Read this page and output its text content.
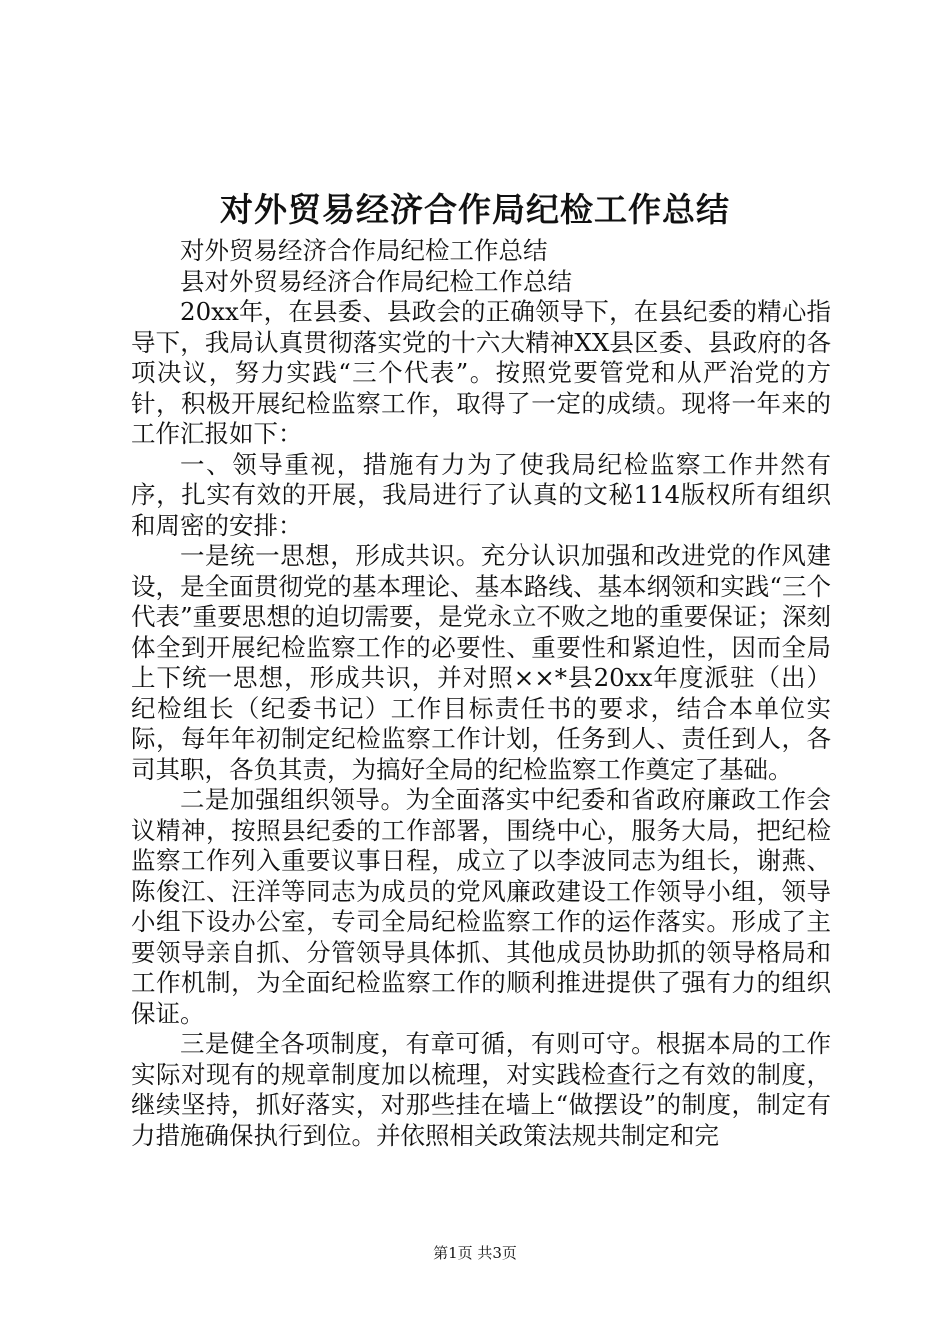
对外贸易经济合作局纪检工作总结

对外贸易经济合作局纪检工作总结

县对外贸易经济合作局纪检工作总结

20xx年，在县委、县政会的正确领导下，在县纪委的精心指导下，我局认真贯彻落实党的十六大精神XX县区委、县政府的各项决议，努力实践“三个代表”。按照党要管党和从严治党的方针，积极开展纪检监察工作，取得了一定的成绩。现将一年来的工作汇报如下：

一、领导重视，措施有力为了使我局纪检监察工作井然有序，扎实有效的开展，我局进行了认真的文秘114版权所有组织和周密的安排：

一是统一思想，形成共识。充分认识加强和改进党的作风建设，是全面贯彻党的基本理论、基本路线、基本纲领和实践“三个代表”重要思想的迫切需要，是党永立不败之地的重要保证；深刻体全到开展纪检监察工作的必要性、重要性和紧迫性，因而全局上下统一思想，形成共识，并对照××*县20xx年度派驻（出）纪检组长（纪委书记）工作目标责任书的要求，结合本单位实际，每年年初制定纪检监察工作计划，任务到人、责任到人，各司其职，各负其责，为搞好全局的纪检监察工作奠定了基础。

二是加强组织领导。为全面落实中纪委和省政府廉政工作会议精神，按照县纪委的工作部署，围绕中心，服务大局，把纪检监察工作列入重要议事日程，成立了以李波同志为组长，谢燕、陈俊江、汪洋等同志为成员的党风廉政建设工作领导小组，领导小组下设办公室，专司全局纪检监察工作的运作落实。形成了主要领导亲自抓、分管领导具体抓、其他成员协助抓的领导格局和工作机制，为全面纪检监察工作的顺利推进提供了强有力的组织保证。

三是健全各项制度，有章可循，有则可守。根据本局的工作实际对现有的规章制度加以梳理，对实践检查行之有效的制度，继续坚持，抓好落实，对那些挂在墙上“做摆设”的制度，制定有力措施确保执行到位。并依照相关政策法规共制定和完

第1页 共3页
